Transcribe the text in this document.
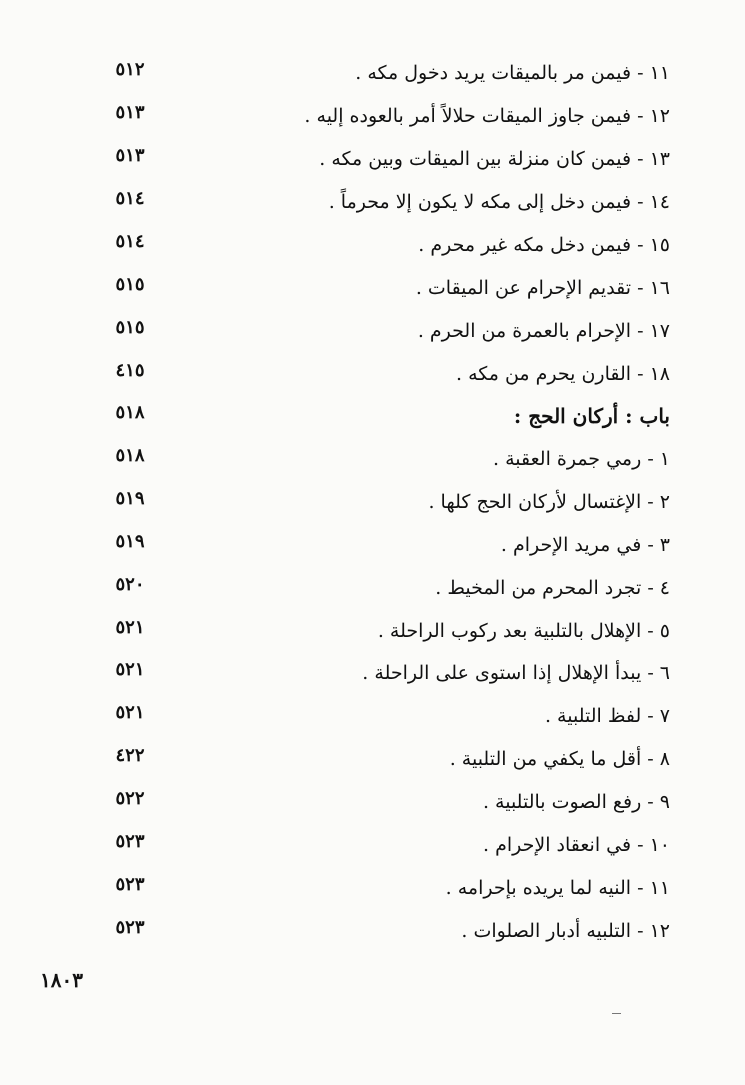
١١ - فيمن مر بالميقات يريد دخول مكه .
٥١٢
١٢ - فيمن جاوز الميقات حلالاً أمر بالعوده إليه .
٥١٣
١٣ - فيمن كان منزلة بين الميقات وبين مكه .
٥١٣
١٤ - فيمن دخل إلى مكه لا يكون إلا محرماً .
٥١٤
١٥ - فيمن دخل مكه غير محرم .
٥١٤
١٦ - تقديم الإحرام عن الميقات .
٥١٥
١٧ - الإحرام بالعمرة من الحرم .
٥١٥
١٨ - القارن يحرم من مكه .
٤١٥
باب : أركان الحج :
٥١٨
١ - رمي جمرة العقبة .
٥١٨
٢ - الإغتسال لأركان الحج كلها .
٥١٩
٣ - في مريد الإحرام .
٥١٩
٤ - تجرد المحرم من المخيط .
٥٢٠
٥ - الإهلال بالتلبية بعد ركوب الراحلة .
٥٢١
٦ - يبدأ الإهلال إذا استوى على الراحلة .
٥٢١
٧ - لفظ التلبية .
٥٢١
٨ - أقل ما يكفي من التلبية .
٤٢٢
٩ - رفع الصوت بالتلبية .
٥٢٢
١٠ - في انعقاد الإحرام .
٥٢٣
١١ - النيه لما يريده بإحرامه .
٥٢٣
١٢ - التلبيه أدبار الصلوات .
٥٢٣
١٨٠٣
